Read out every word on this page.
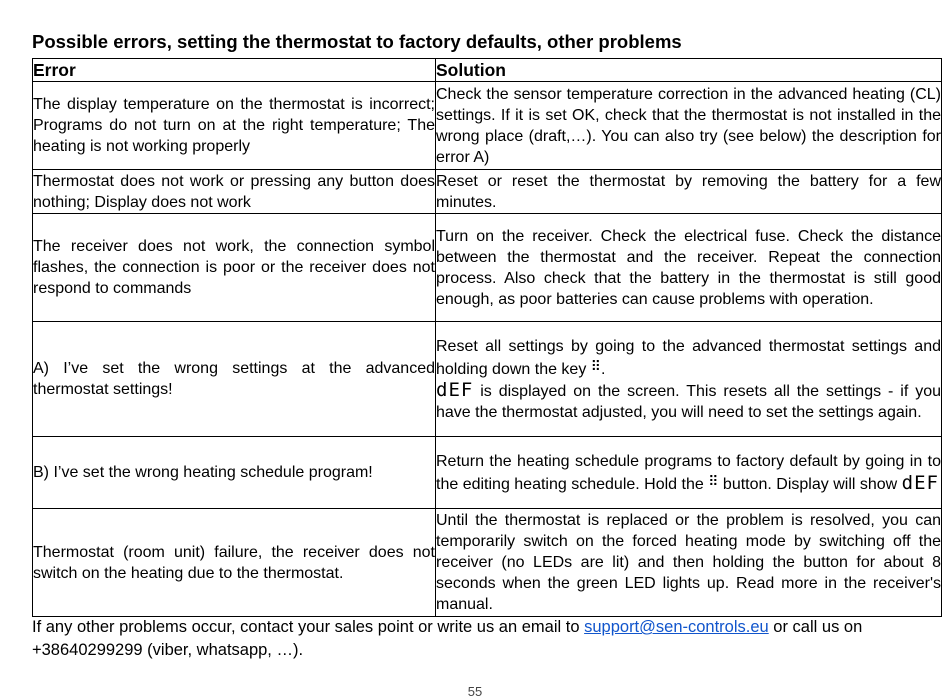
Possible errors, setting the thermostat to factory defaults, other problems
Error	Solution
The display temperature on the thermostat is incorrect; Programs do not turn on at the right temperature; The heating is not working properly	Check the sensor temperature correction in the advanced heating (CL) settings. If it is set OK, check that the thermostat is not installed in the wrong place (draft,…). You can also try (see below) the description for error A)
Thermostat does not work or pressing any button does nothing; Display does not work	Reset or reset the thermostat by removing the battery for a few minutes.
The receiver does not work, the connection symbol flashes, the connection is poor or the receiver does not respond to commands	Turn on the receiver. Check the electrical fuse. Check the distance between the thermostat and the receiver. Repeat the connection process. Also check that the battery in the thermostat is still good enough, as poor batteries can cause problems with operation.
A) I’ve set the wrong settings at the advanced thermostat settings!	Reset all settings by going to the advanced thermostat settings and holding down the key ⠿.
dEF is displayed on the screen. This resets all the settings - if you have the thermostat adjusted, you will need to set the settings again.
B) I’ve set the wrong heating schedule program!	Return the heating schedule programs to factory default by going in to the editing heating schedule. Hold the ⠿ button. Display will show dEF
Thermostat (room unit) failure, the receiver does not switch on the heating due to the thermostat.	Until the thermostat is replaced or the problem is resolved, you can temporarily switch on the forced heating mode by switching off the receiver (no LEDs are lit) and then holding the button for about 8 seconds when the green LED lights up. Read more in the receiver's manual.
If any other problems occur, contact your sales point or write us an email to support@sen-controls.eu or call us on +38640299299 (viber, whatsapp, …).
55
